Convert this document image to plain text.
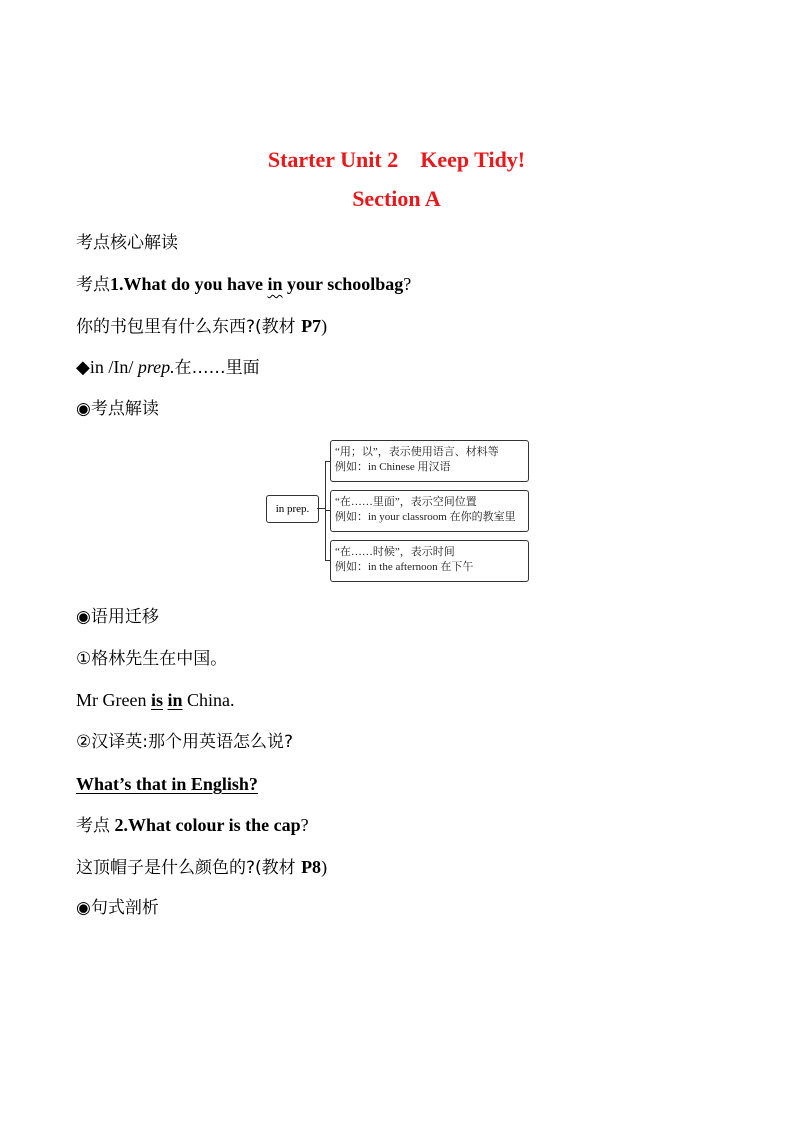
Starter Unit 2　Keep Tidy!
Section A
考点核心解读
考点1.What do you have in your schoolbag?
你的书包里有什么东西?(教材 P7)
◆in /In/ prep.在……里面
◉考点解读
in prep.
“用；以”，表示使用语言、材料等
例如：in Chinese 用汉语
“在……里面”，表示空间位置
例如：in your classroom 在你的教室里
“在……时候”，表示时间
例如：in the afternoon 在下午
◉语用迁移
①格林先生在中国。
Mr Green is in China.
②汉译英:那个用英语怎么说?
What’s that in English?
考点 2.What colour is the cap?
这顶帽子是什么颜色的?(教材 P8)
◉句式剖析
